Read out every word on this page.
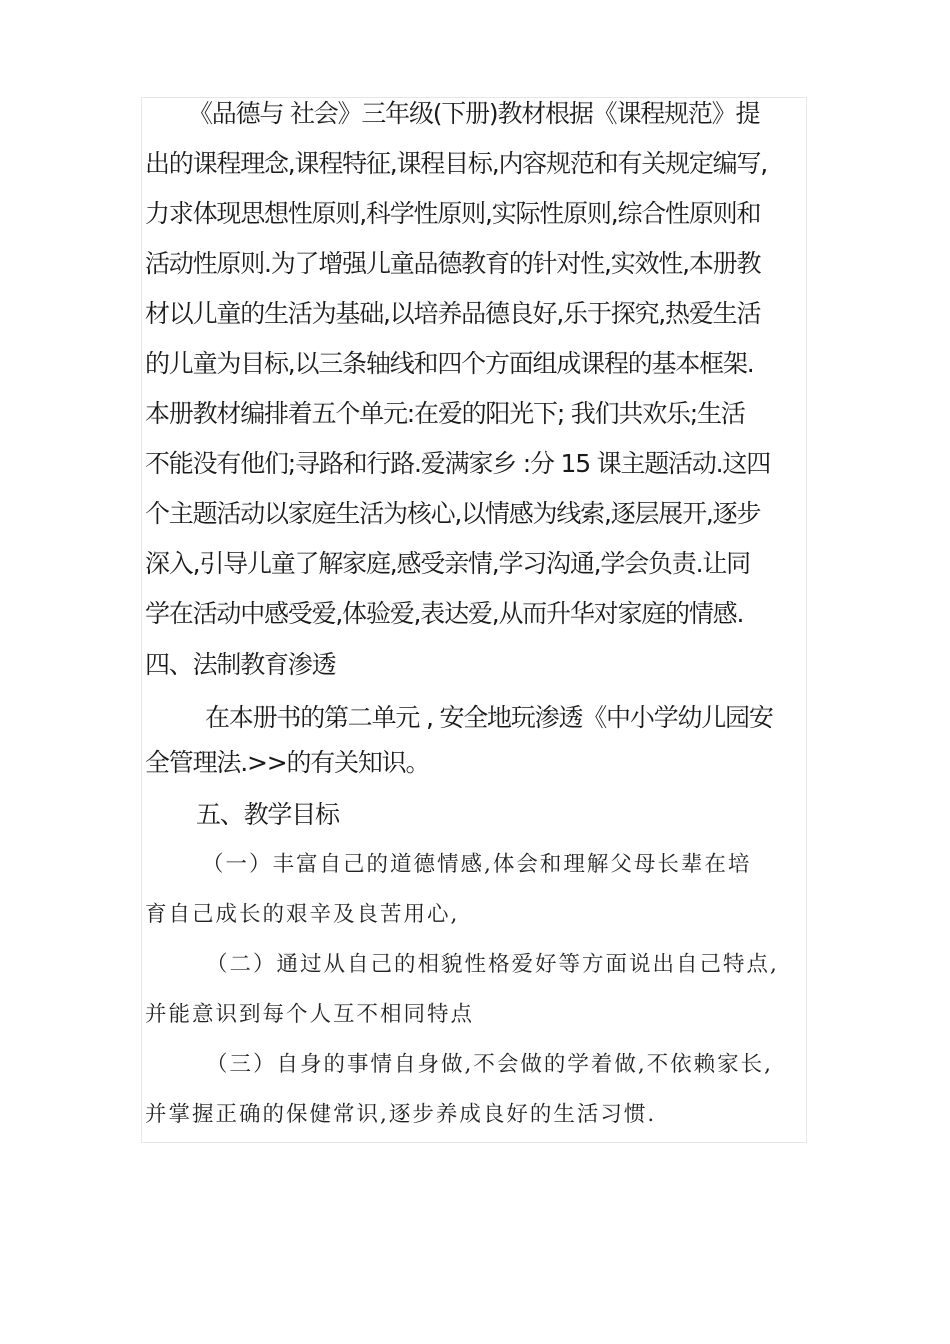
《品德与 社会》三年级(下册)教材根据《课程规范》提
出的课程理念,课程特征,课程目标,内容规范和有关规定编写,
力求体现思想性原则,科学性原则,实际性原则,综合性原则和
活动性原则.为了增强儿童品德教育的针对性,实效性,本册教
材以儿童的生活为基础,以培养品德良好,乐于探究,热爱生活
的儿童为目标,以三条轴线和四个方面组成课程的基本框架.
本册教材编排着五个单元:在爱的阳光下; 我们共欢乐;生活
不能没有他们;寻路和行路.爱满家乡 :分 15 课主题活动.这四
个主题活动以家庭生活为核心,以情感为线索,逐层展开,逐步
深入,引导儿童了解家庭,感受亲情,学习沟通,学会负责.让同
学在活动中感受爱,体验爱,表达爱,从而升华对家庭的情感.
四、法制教育渗透
在本册书的第二单元 , 安全地玩渗透《中小学幼儿园安
全管理法.>>的有关知识。
五、教学目标
（一）丰富自己的道德情感,体会和理解父母长辈在培
育自己成长的艰辛及良苦用心,
（二）通过从自己的相貌性格爱好等方面说出自己特点,
并能意识到每个人互不相同特点
（三）自身的事情自身做,不会做的学着做,不依赖家长,
并掌握正确的保健常识,逐步养成良好的生活习惯.
